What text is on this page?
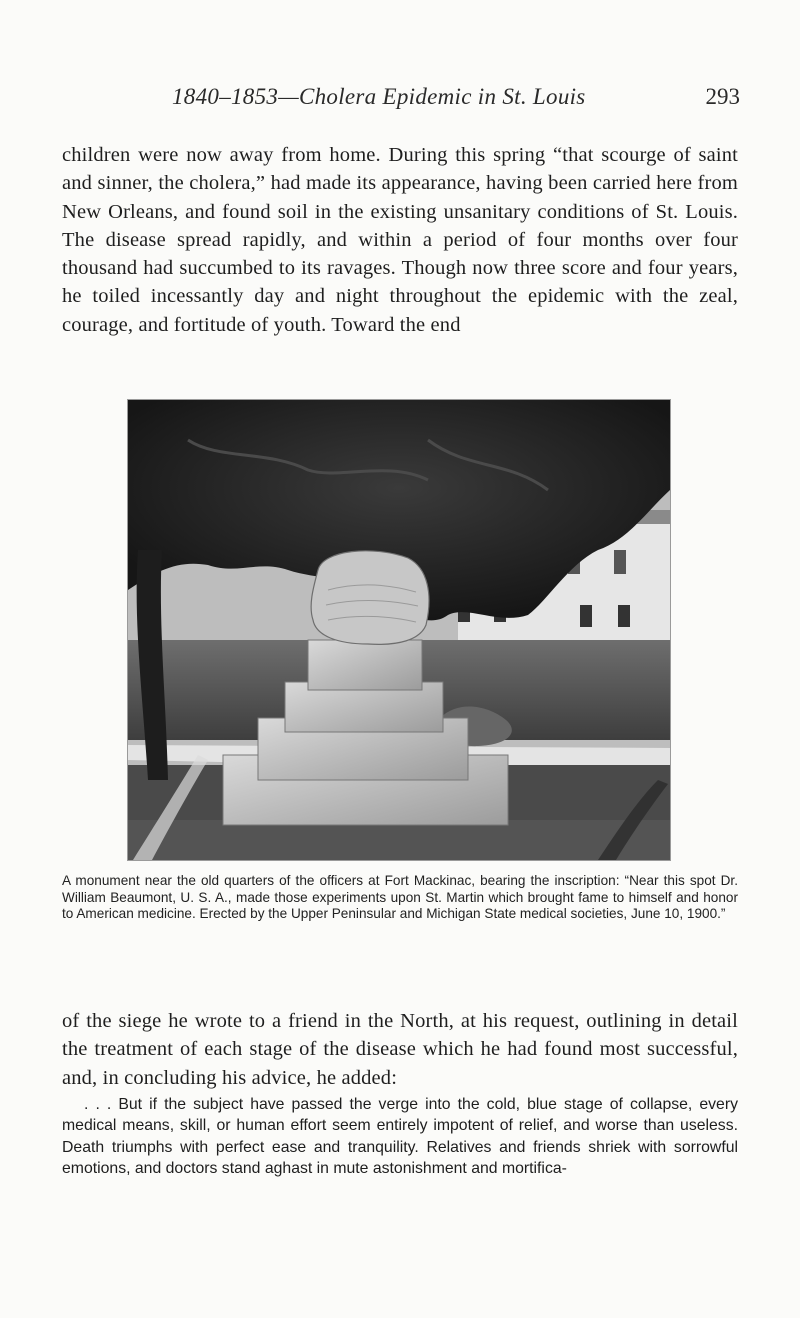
1840–1853—Cholera Epidemic in St. Louis	293

children were now away from home. During this spring “that scourge of saint and sinner, the cholera,” had made its appearance, having been carried here from New Orleans, and found soil in the existing unsanitary conditions of St. Louis. The disease spread rapidly, and within a period of four months over four thousand had succumbed to its ravages. Though now three score and four years, he toiled incessantly day and night throughout the epidemic with the zeal, courage, and fortitude of youth. Toward the end

A monument near the old quarters of the officers at Fort Mackinac, bearing the inscription: “Near this spot Dr. William Beaumont, U. S. A., made those experiments upon St. Martin which brought fame to himself and honor to American medicine. Erected by the Upper Peninsular and Michigan State medical societies, June 10, 1900.”

of the siege he wrote to a friend in the North, at his request, outlining in detail the treatment of each stage of the disease which he had found most successful, and, in concluding his advice, he added:

. . . But if the subject have passed the verge into the cold, blue stage of collapse, every medical means, skill, or human effort seem entirely impotent of relief, and worse than useless. Death triumphs with perfect ease and tranquility. Relatives and friends shriek with sorrowful emotions, and doctors stand aghast in mute astonishment and mortifica-
